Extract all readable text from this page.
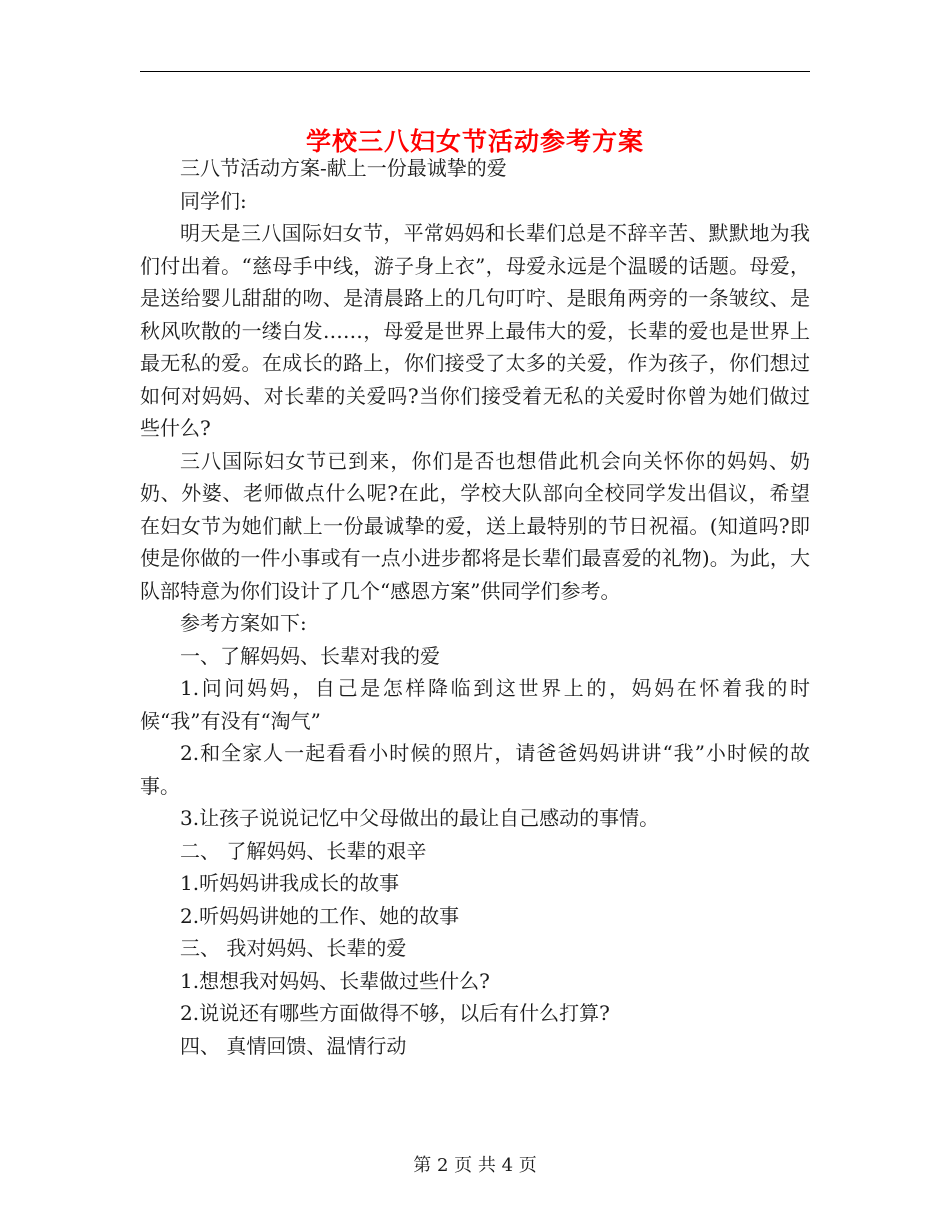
学校三八妇女节活动参考方案

三八节活动方案-献上一份最诚挚的爱

同学们:

明天是三八国际妇女节，平常妈妈和长辈们总是不辞辛苦、默默地为我们付出着。“慈母手中线，游子身上衣”，母爱永远是个温暖的话题。母爱，是送给婴儿甜甜的吻、是清晨路上的几句叮咛、是眼角两旁的一条皱纹、是秋风吹散的一缕白发……，母爱是世界上最伟大的爱，长辈的爱也是世界上最无私的爱。在成长的路上，你们接受了太多的关爱，作为孩子，你们想过如何对妈妈、对长辈的关爱吗?当你们接受着无私的关爱时你曾为她们做过些什么?

三八国际妇女节已到来，你们是否也想借此机会向关怀你的妈妈、奶奶、外婆、老师做点什么呢?在此，学校大队部向全校同学发出倡议，希望在妇女节为她们献上一份最诚挚的爱，送上最特别的节日祝福。(知道吗?即使是你做的一件小事或有一点小进步都将是长辈们最喜爱的礼物)。为此，大队部特意为你们设计了几个“感恩方案”供同学们参考。

参考方案如下:

一、了解妈妈、长辈对我的爱

1.问问妈妈，自己是怎样降临到这世界上的，妈妈在怀着我的时候“我”有没有“淘气”

2.和全家人一起看看小时候的照片，请爸爸妈妈讲讲“我”小时候的故事。

3.让孩子说说记忆中父母做出的最让自己感动的事情。

二、 了解妈妈、长辈的艰辛

1.听妈妈讲我成长的故事

2.听妈妈讲她的工作、她的故事

三、 我对妈妈、长辈的爱

1.想想我对妈妈、长辈做过些什么?

2.说说还有哪些方面做得不够，以后有什么打算?

四、 真情回馈、温情行动

第 2 页 共 4 页
